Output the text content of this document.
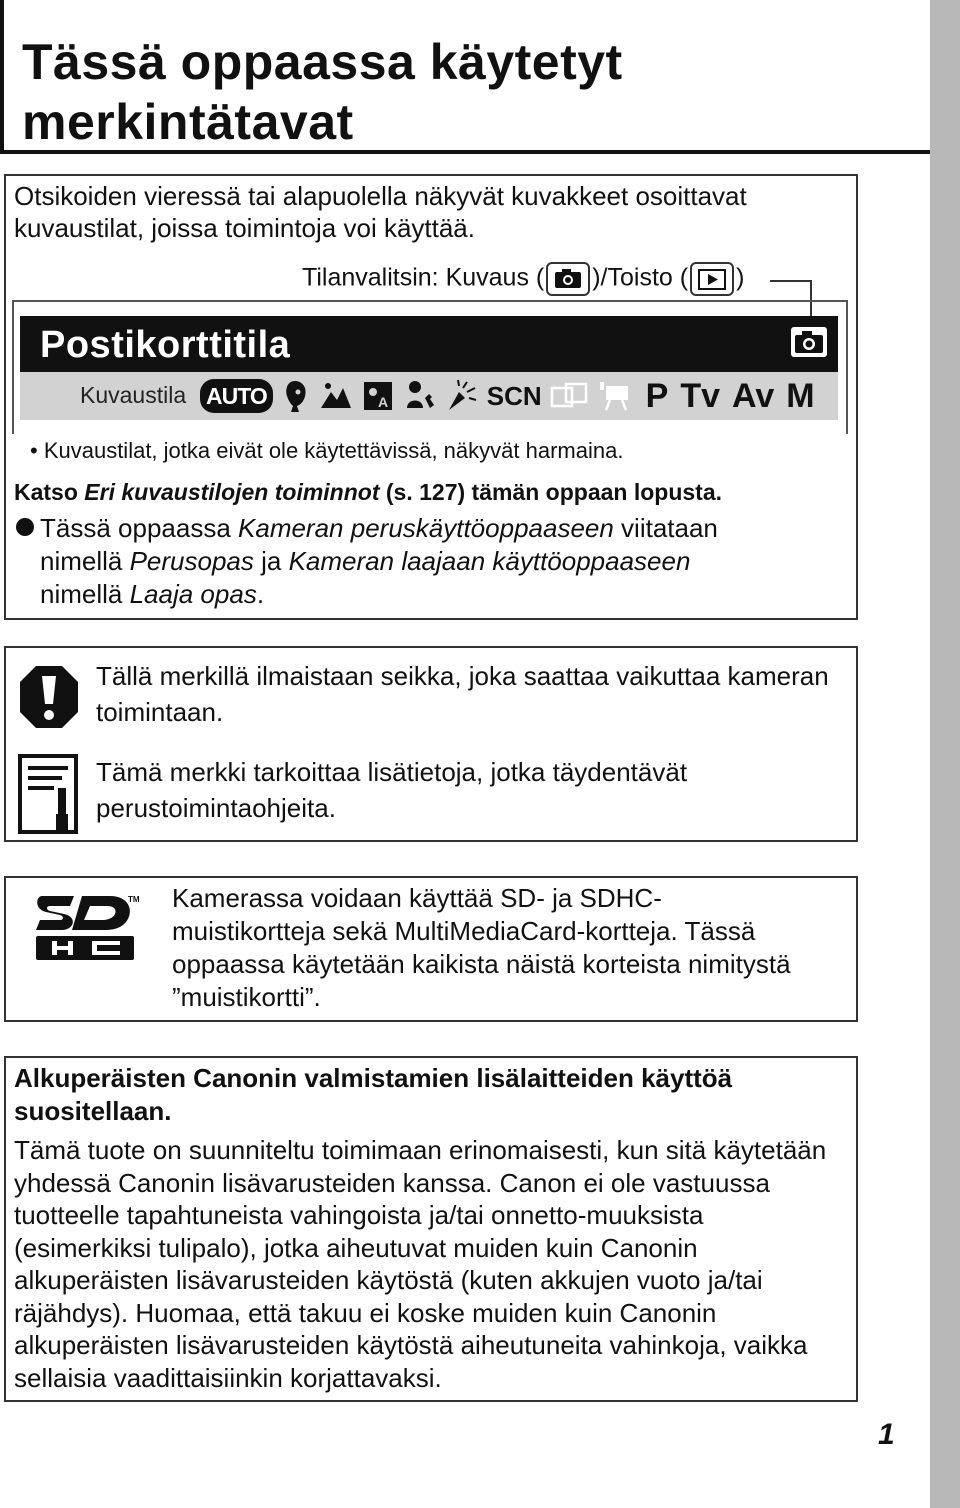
Tässä oppaassa käytetyt
merkintätavat

Otsikoiden vieressä tai alapuolella näkyvät kuvakkeet osoittavat kuvaustilat, joissa toimintoja voi käyttää.

Tilanvalitsin: Kuvaus ( )/Toisto ( )
Postikorttitila
Kuvaustila AUTO	A	SCN	P Tv Av M

• Kuvaustilat, jotka eivät ole käytettävissä, näkyvät harmaina.

Katso Eri kuvaustilojen toiminnot (s. 127) tämän oppaan lopusta.

Tässä oppaassa Kameran peruskäyttöoppaaseen viitataan
nimellä Perusopas ja Kameran laajaan käyttöoppaaseen
nimellä Laaja opas.

Tällä merkillä ilmaistaan seikka, joka saattaa vaikuttaa kameran toimintaan.

Tämä merkki tarkoittaa lisätietoja, jotka täydentävät perustoimintaohjeita.

TM Kamerassa voidaan käyttää SD- ja SDHC-muistikortteja sekä MultiMediaCard-kortteja. Tässä oppaassa käytetään kaikista näistä korteista nimitystä ”muistikortti”.

Alkuperäisten Canonin valmistamien lisälaitteiden käyttöä suositellaan.

Tämä tuote on suunniteltu toimimaan erinomaisesti, kun sitä käytetään yhdessä Canonin lisävarusteiden kanssa. Canon ei ole vastuussa tuotteelle tapahtuneista vahingoista ja/tai onnetto-muuksista (esimerkiksi tulipalo), jotka aiheutuvat muiden kuin Canonin alkuperäisten lisävarusteiden käytöstä (kuten akkujen vuoto ja/tai räjähdys). Huomaa, että takuu ei koske muiden kuin Canonin alkuperäisten lisävarusteiden käytöstä aiheutuneita vahinkoja, vaikka sellaisia vaadittaisiinkin korjattavaksi.

1
